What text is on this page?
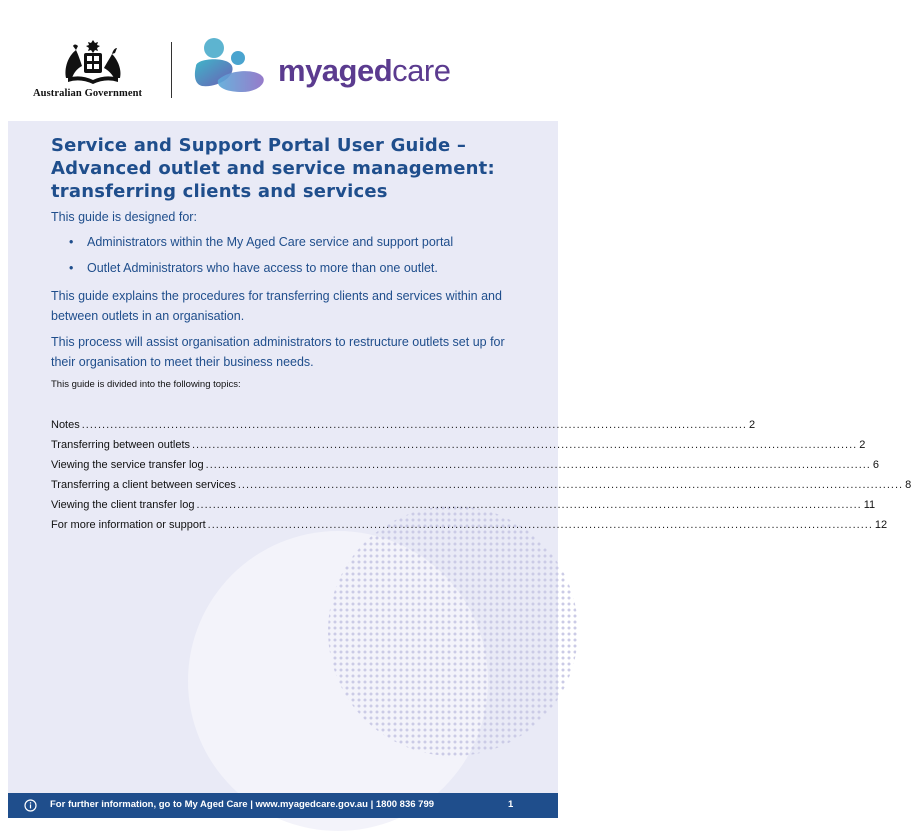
Australian Government
myagedcare
Service and Support Portal User Guide – Advanced outlet and service management: transferring clients and services

This guide is designed for:

• Administrators within the My Aged Care service and support portal
• Outlet Administrators who have access to more than one outlet.

This guide explains the procedures for transferring clients and services within and between outlets in an organisation.

This process will assist organisation administrators to restructure outlets set up for their organisation to meet their business needs.

This guide is divided into the following topics:

Notes .................................................................................................................................................................... 2
Transferring between outlets .................................................................................................................................................................... 2
Viewing the service transfer log .................................................................................................................................................................... 6
Transferring a client between services .................................................................................................................................................................... 8
Viewing the client transfer log .................................................................................................................................................................... 11
For more information or support .................................................................................................................................................................... 12
For further information, go to My Aged Care | www.myagedcare.gov.au | 1800 836 799	1
